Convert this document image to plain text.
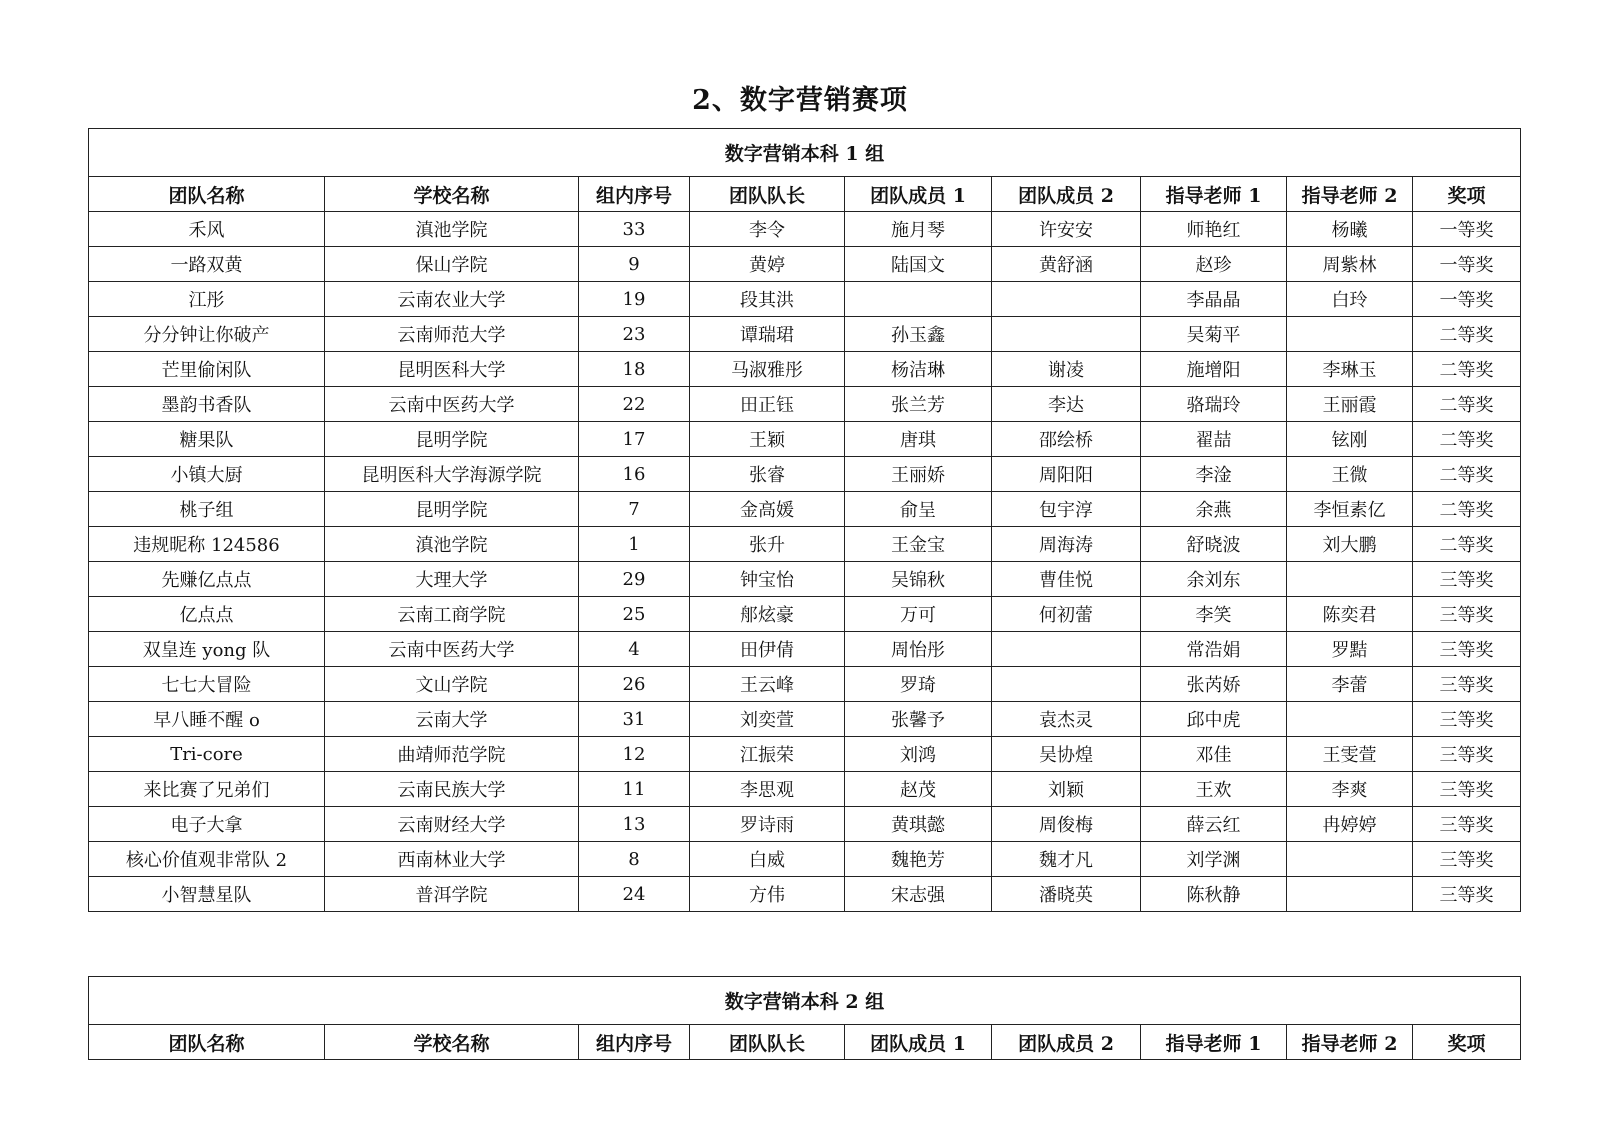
2、数字营销赛项
数字营销本科 1 组								
团队名称	学校名称	组内序号	团队队长	团队成员 1	团队成员 2	指导老师 1	指导老师 2	奖项
禾风	滇池学院	33	李令	施月琴	许安安	师艳红	杨曦	一等奖
一路双黄	保山学院	9	黄婷	陆国文	黄舒涵	赵珍	周紫林	一等奖
江彤	云南农业大学	19	段其洪			李晶晶	白玲	一等奖
分分钟让你破产	云南师范大学	23	谭瑞珺	孙玉鑫		吴菊平		二等奖
芒里偷闲队	昆明医科大学	18	马淑雅彤	杨洁琳	谢凌	施增阳	李琳玉	二等奖
墨韵书香队	云南中医药大学	22	田正钰	张兰芳	李达	骆瑞玲	王丽霞	二等奖
糖果队	昆明学院	17	王颖	唐琪	邵绘桥	翟喆	铉刚	二等奖
小镇大厨	昆明医科大学海源学院	16	张睿	王丽娇	周阳阳	李淦	王微	二等奖
桃子组	昆明学院	7	金高媛	俞呈	包宇淳	余燕	李恒素亿	二等奖
违规昵称 124586	滇池学院	1	张升	王金宝	周海涛	舒晓波	刘大鹏	二等奖
先赚亿点点	大理大学	29	钟宝怡	吴锦秋	曹佳悦	余刘东		三等奖
亿点点	云南工商学院	25	郍炫豪	万可	何初蕾	李笑	陈奕君	三等奖
双皇连 yong 队	云南中医药大学	4	田伊倩	周怡彤		常浩娟	罗黠	三等奖
七七大冒险	文山学院	26	王云峰	罗琦		张芮娇	李蕾	三等奖
早八睡不醒 o	云南大学	31	刘奕萱	张馨予	袁杰灵	邱中虎		三等奖
Tri-core	曲靖师范学院	12	江振荣	刘鸿	吴协煌	邓佳	王雯萱	三等奖
来比赛了兄弟们	云南民族大学	11	李思观	赵茂	刘颖	王欢	李爽	三等奖
电子大拿	云南财经大学	13	罗诗雨	黄琪懿	周俊梅	薛云红	冉婷婷	三等奖
核心价值观非常队 2	西南林业大学	8	白威	魏艳芳	魏才凡	刘学渊		三等奖
小智慧星队	普洱学院	24	方伟	宋志强	潘晓英	陈秋静		三等奖
数字营销本科 2 组
团队名称	学校名称	组内序号	团队队长	团队成员 1	团队成员 2	指导老师 1	指导老师 2	奖项
